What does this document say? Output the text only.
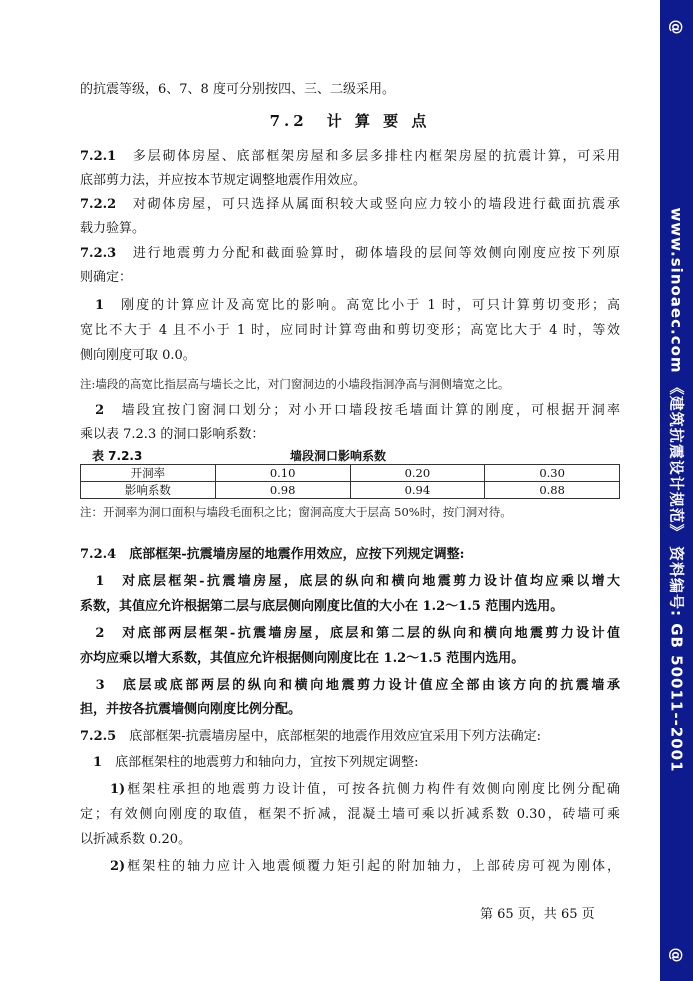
的抗震等级，6、7、8 度可分别按四、三、二级采用。
7.2　计 算 要 点
7.2.1　 多层砌体房屋、底部框架房屋和多层多排柱内框架房屋的抗震计算，可采用
底部剪力法，并应按本节规定调整地震作用效应。
7.2.2　 对砌体房屋，可只选择从属面积较大或竖向应力较小的墙段进行截面抗震承
载力验算。
7.2.3　 进行地震剪力分配和截面验算时，砌体墙段的层间等效侧向刚度应按下列原
则确定：
　1　 刚度的计算应计及高宽比的影响。高宽比小于 1 时，可只计算剪切变形；高
宽比不大于 4 且不小于 1 时，应同时计算弯曲和剪切变形；高宽比大于 4 时，等效
侧向刚度可取 0.0。
注:墙段的高宽比指层高与墙长之比，对门窗洞边的小墙段指洞净高与洞侧墙宽之比。
　2　 墙段宜按门窗洞口划分；对小开口墙段按毛墙面计算的刚度，可根据开洞率
乘以表 7.2.3 的洞口影响系数：
表 7.2.3	墙段洞口影响系数
开洞率	0.10	0.20	0.30
影响系数	0.98	0.94	0.88
注：开洞率为洞口面积与墙段毛面积之比；窗洞高度大于层高 50%时，按门洞对待。
7.2.4　 底部框架-抗震墙房屋的地震作用效应，应按下列规定调整:
　1　 对底层框架-抗震墙房屋，底层的纵向和横向地震剪力设计值均应乘以增大
系数，其值应允许根据第二层与底层侧向刚度比值的大小在 1.2～1.5 范围内选用。
　2　 对底部两层框架-抗震墙房屋，底层和第二层的纵向和横向地震剪力设计值
亦均应乘以增大系数，其值应允许根据侧向刚度比在 1.2～1.5 范围内选用。
　3　 底层或底部两层的纵向和横向地震剪力设计值应全部由该方向的抗震墙承
担，并按各抗震墙侧向刚度比例分配。
7.2.5　 底部框架-抗震墙房屋中，底部框架的地震作用效应宜采用下列方法确定:
　1　 底部框架柱的地震剪力和轴向力，宜按下列规定调整:
　　1)框架柱承担的地震剪力设计值，可按各抗侧力构件有效侧向刚度比例分配确
定；有效侧向刚度的取值，框架不折减，混凝土墙可乘以折减系数 0.30，砖墙可乘
以折减系数 0.20。
　　2)框架柱的轴力应计入地震倾覆力矩引起的附加轴力，上部砖房可视为刚体，
第 65 页，共 65 页
@
www.sinoaec.com 《建筑抗震设计规范》 资料编号: GB 50011--2001
@
